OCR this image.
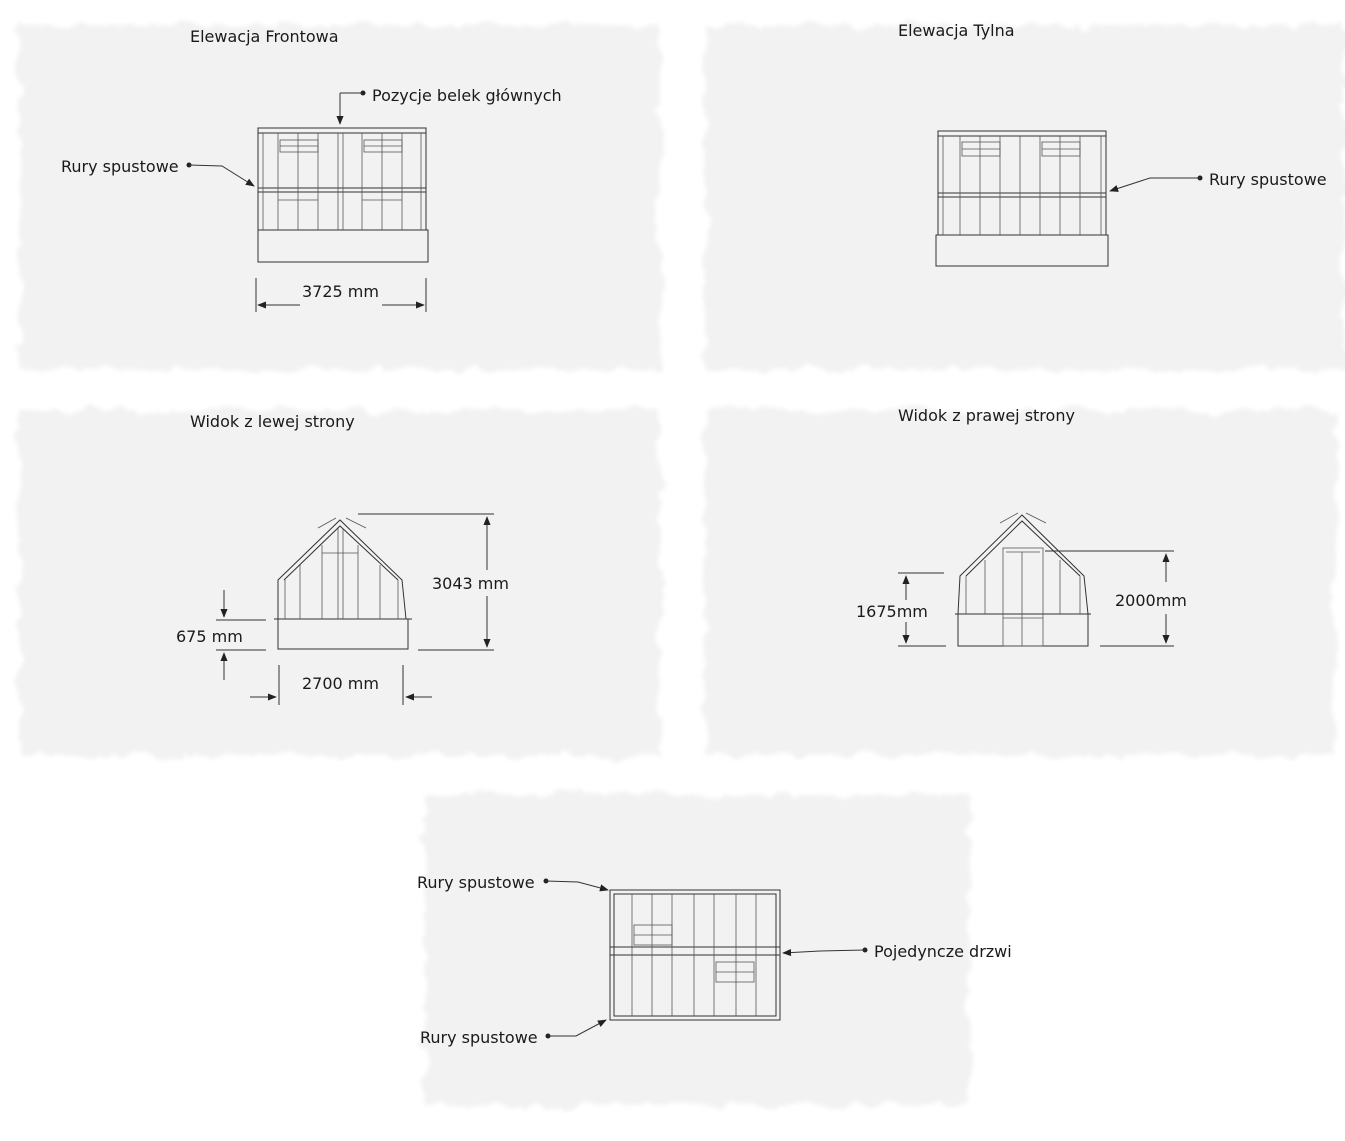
Elewacja Frontowa
Pozycje belek głównych
Rury spustowe
3725 mm
Elewacja Tylna
Rury spustowe
Widok z lewej strony
3043 mm
675 mm
2700 mm
Widok z prawej strony
2000mm
1675mm
Rury spustowe
Pojedyncze drzwi
Rury spustowe
